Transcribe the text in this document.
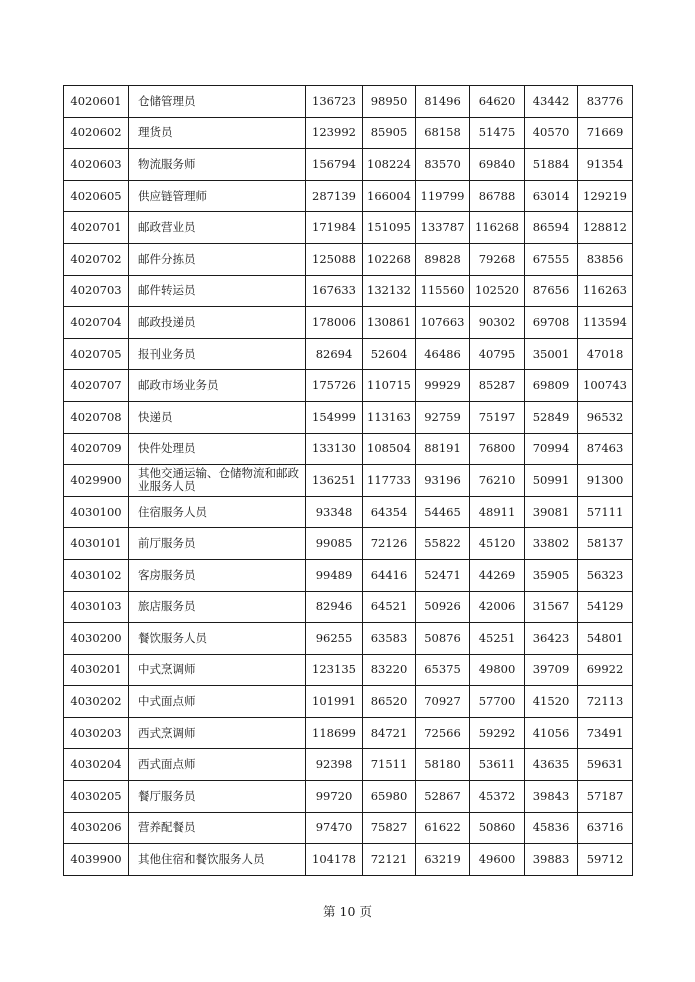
4020601	仓储管理员	136723	98950	81496	64620	43442	83776
4020602	理货员	123992	85905	68158	51475	40570	71669
4020603	物流服务师	156794	108224	83570	69840	51884	91354
4020605	供应链管理师	287139	166004	119799	86788	63014	129219
4020701	邮政营业员	171984	151095	133787	116268	86594	128812
4020702	邮件分拣员	125088	102268	89828	79268	67555	83856
4020703	邮件转运员	167633	132132	115560	102520	87656	116263
4020704	邮政投递员	178006	130861	107663	90302	69708	113594
4020705	报刊业务员	82694	52604	46486	40795	35001	47018
4020707	邮政市场业务员	175726	110715	99929	85287	69809	100743
4020708	快递员	154999	113163	92759	75197	52849	96532
4020709	快件处理员	133130	108504	88191	76800	70994	87463
4029900	其他交通运输、仓储物流和邮政业服务人员	136251	117733	93196	76210	50991	91300
4030100	住宿服务人员	93348	64354	54465	48911	39081	57111
4030101	前厅服务员	99085	72126	55822	45120	33802	58137
4030102	客房服务员	99489	64416	52471	44269	35905	56323
4030103	旅店服务员	82946	64521	50926	42006	31567	54129
4030200	餐饮服务人员	96255	63583	50876	45251	36423	54801
4030201	中式烹调师	123135	83220	65375	49800	39709	69922
4030202	中式面点师	101991	86520	70927	57700	41520	72113
4030203	西式烹调师	118699	84721	72566	59292	41056	73491
4030204	西式面点师	92398	71511	58180	53611	43635	59631
4030205	餐厅服务员	99720	65980	52867	45372	39843	57187
4030206	营养配餐员	97470	75827	61622	50860	45836	63716
4039900	其他住宿和餐饮服务人员	104178	72121	63219	49600	39883	59712
第 10 页
